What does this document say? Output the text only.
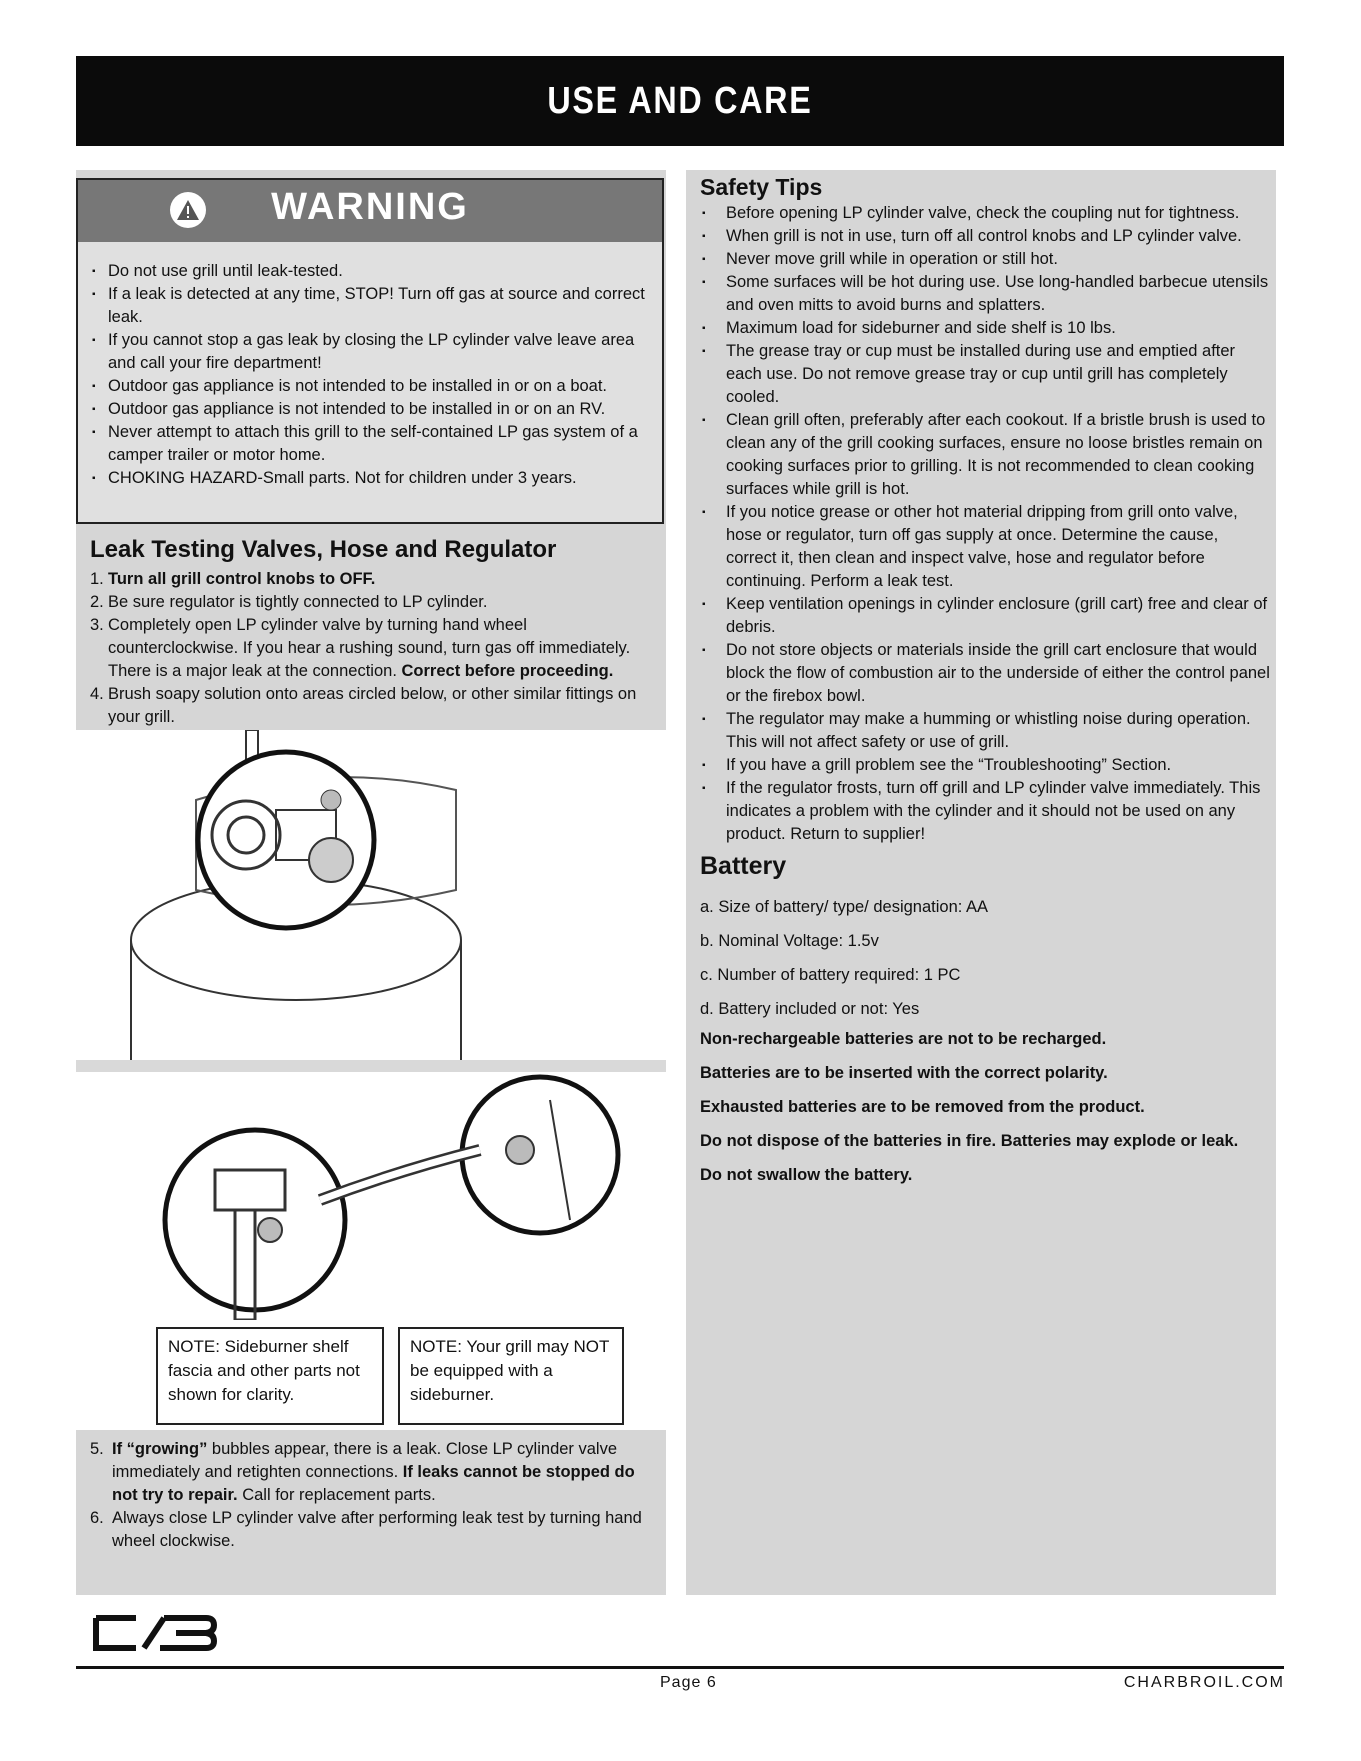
USE AND CARE
WARNING
▪ Do not use grill until leak-tested.
▪ If a leak is detected at any time, STOP! Turn off gas at source and correct leak.
▪ If you cannot stop a gas leak by closing the LP cylinder valve leave area and call your fire department!
▪ Outdoor gas appliance is not intended to be installed in or on a boat.
▪ Outdoor gas appliance is not intended to be installed in or on an RV.
▪ Never attempt to attach this grill to the self-contained LP gas system of a camper trailer or motor home.
▪ CHOKING HAZARD-Small parts. Not for children under 3 years.
Leak Testing Valves, Hose and Regulator
1. Turn all grill control knobs to OFF.
2. Be sure regulator is tightly connected to LP cylinder.
3. Completely open LP cylinder valve by turning hand wheel counterclockwise. If you hear a rushing sound, turn gas off immediately. There is a major leak at the connection. Correct before proceeding.
4. Brush soapy solution onto areas circled below, or other similar fittings on your grill.
NOTE: Sideburner shelf fascia and other parts not shown for clarity.
NOTE: Your grill may NOT be equipped with a sideburner.
5. If “growing” bubbles appear, there is a leak. Close LP cylinder valve immediately and retighten connections. If leaks cannot be stopped do not try to repair. Call for replacement parts.
6. Always close LP cylinder valve after performing leak test by turning hand wheel clockwise.
Safety Tips
▪ Before opening LP cylinder valve, check the coupling nut for tightness.
▪ When grill is not in use, turn off all control knobs and LP cylinder valve.
▪ Never move grill while in operation or still hot.
▪ Some surfaces will be hot during use. Use long-handled barbecue utensils and oven mitts to avoid burns and splatters.
▪ Maximum load for sideburner and side shelf is 10 lbs.
▪ The grease tray or cup must be installed during use and emptied after each use. Do not remove grease tray or cup until grill has completely cooled.
▪ Clean grill often, preferably after each cookout. If a bristle brush is used to clean any of the grill cooking surfaces, ensure no loose bristles remain on cooking surfaces prior to grilling. It is not recommended to clean cooking surfaces while grill is hot.
▪ If you notice grease or other hot material dripping from grill onto valve, hose or regulator, turn off gas supply at once. Determine the cause, correct it, then clean and inspect valve, hose and regulator before continuing. Perform a leak test.
▪ Keep ventilation openings in cylinder enclosure (grill cart) free and clear of debris.
▪ Do not store objects or materials inside the grill cart enclosure that would block the flow of combustion air to the underside of either the control panel or the firebox bowl.
▪ The regulator may make a humming or whistling noise during operation. This will not affect safety or use of grill.
▪ If you have a grill problem see the “Troubleshooting” Section.
▪ If the regulator frosts, turn off grill and LP cylinder valve immediately. This indicates a problem with the cylinder and it should not be used on any product. Return to supplier!
Battery
a. Size of battery/ type/ designation: AA
b. Nominal Voltage: 1.5v
c. Number of battery required: 1 PC
d. Battery included or not: Yes
Non-rechargeable batteries are not to be recharged.
Batteries are to be inserted with the correct polarity.
Exhausted batteries are to be removed from the product.
Do not dispose of the batteries in fire. Batteries may explode or leak.
Do not swallow the battery.
Page 6	CHARBROIL.COM
